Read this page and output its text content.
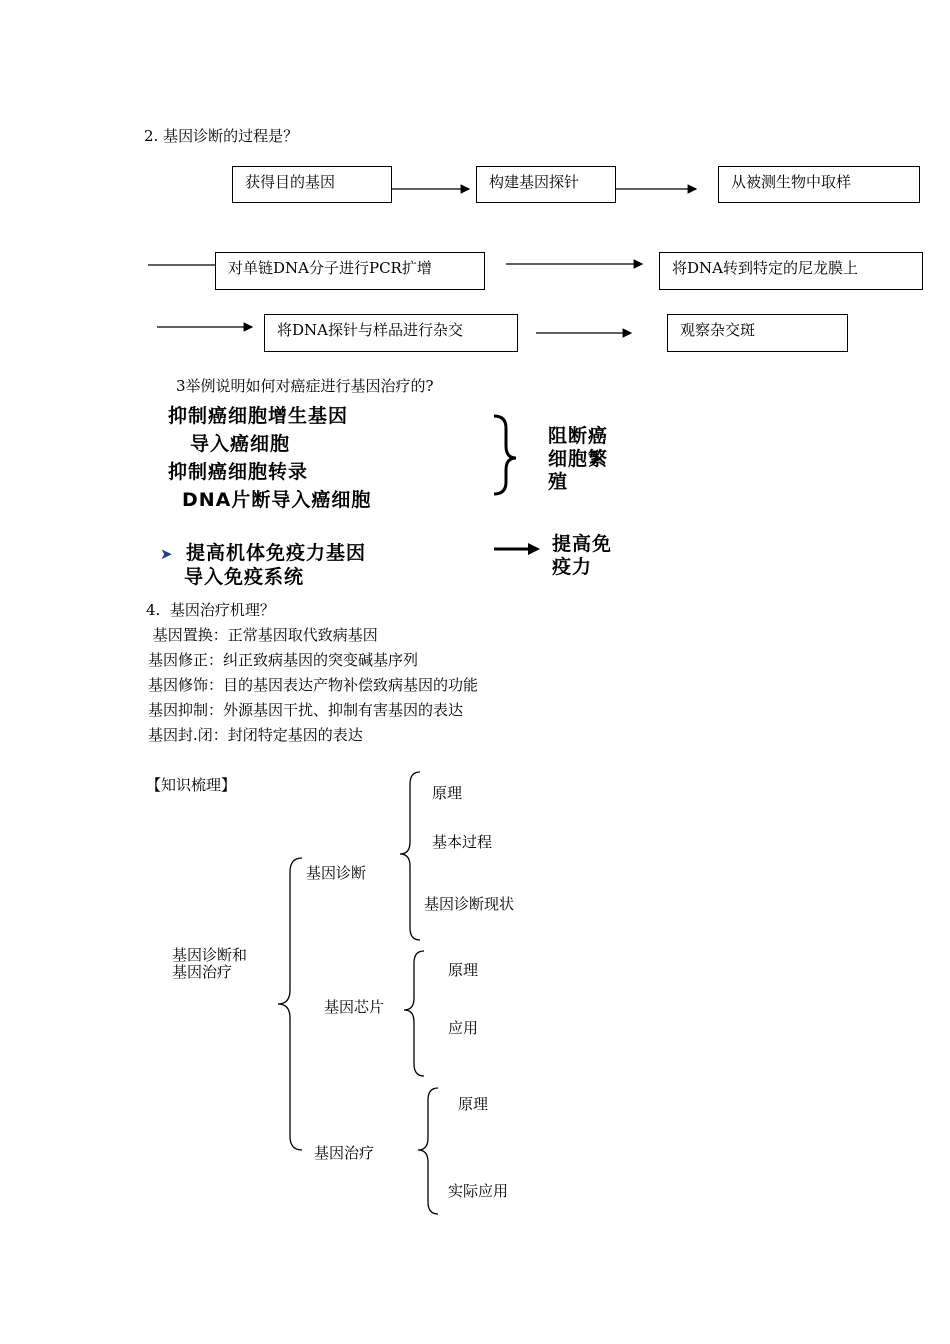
2. 基因诊断的过程是？
获得目的基因	构建基因探针	从被测生物中取样
对单链DNA分子进行PCR扩增	将DNA转到特定的尼龙膜上
将DNA探针与样品进行杂交	观察杂交斑
3举例说明如何对癌症进行基因治疗的?
抑制癌细胞增生基因
导入癌细胞
抑制癌细胞转录
DNA片断导入癌细胞
阻断癌
细胞繁
殖
➤ 提高机体免疫力基因
导入免疫系统
提高免
疫力
4.  基因治疗机理？
基因置换：正常基因取代致病基因
基因修正：纠正致病基因的突变碱基序列
基因修饰：目的基因表达产物补偿致病基因的功能
基因抑制：外源基因干扰、抑制有害基因的表达
基因封.闭：封闭特定基因的表达
【知识梳理】
基因诊断和
基因治疗
基因诊断
原理
基本过程
基因诊断现状
基因芯片
原理
应用
基因治疗
原理
实际应用
